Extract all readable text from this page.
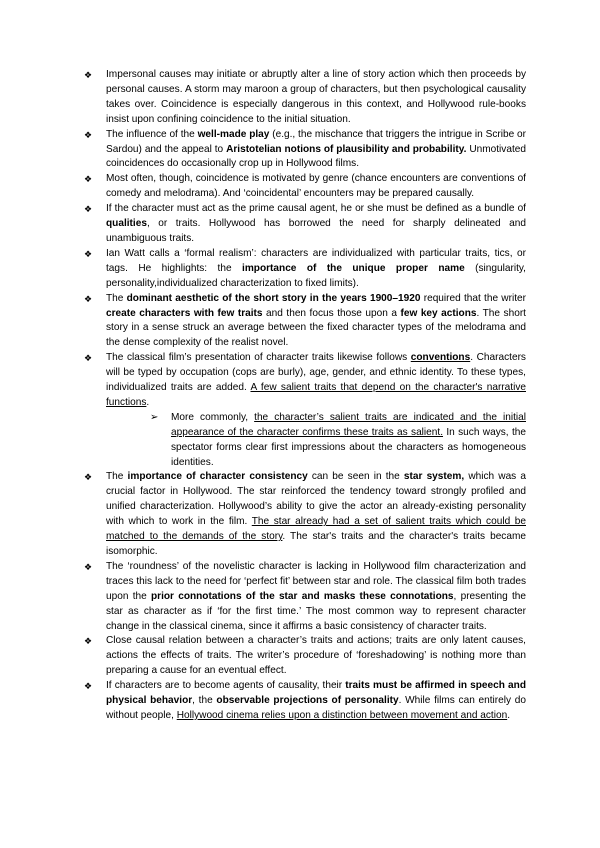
❖ Impersonal causes may initiate or abruptly alter a line of story action which then proceeds by personal causes. A storm may maroon a group of characters, but then psychological causality takes over. Coincidence is especially dangerous in this context, and Hollywood rule-books insist upon confining coincidence to the initial situation.
❖ The influence of the well-made play (e.g., the mischance that triggers the intrigue in Scribe or Sardou) and the appeal to Aristotelian notions of plausibility and probability. Unmotivated coincidences do occasionally crop up in Hollywood films.
❖ Most often, though, coincidence is motivated by genre (chance encounters are conventions of comedy and melodrama). And ‘coincidental’ encounters may be prepared causally.
❖ If the character must act as the prime causal agent, he or she must be defined as a bundle of qualities, or traits. Hollywood has borrowed the need for sharply delineated and unambiguous traits.
❖ Ian Watt calls a ‘formal realism’: characters are individualized with particular traits, tics, or tags. He highlights: the importance of the unique proper name (singularity, personality,individualized characterization to fixed limits).
❖ The dominant aesthetic of the short story in the years 1900–1920 required that the writer create characters with few traits and then focus those upon a few key actions. The short story in a sense struck an average between the fixed character types of the melodrama and the dense complexity of the realist novel.
❖ The classical film’s presentation of character traits likewise follows conventions. Characters will be typed by occupation (cops are burly), age, gender, and ethnic identity. To these types, individualized traits are added. A few salient traits that depend on the character's narrative functions.
➢ More commonly, the character’s salient traits are indicated and the initial appearance of the character confirms these traits as salient. In such ways, the spectator forms clear first impressions about the characters as homogeneous identities.
❖ The importance of character consistency can be seen in the star system, which was a crucial factor in Hollywood. The star reinforced the tendency toward strongly profiled and unified characterization. Hollywood’s ability to give the actor an already-existing personality with which to work in the film. The star already had a set of salient traits which could be matched to the demands of the story. The star's traits and the character's traits became isomorphic.
❖ The ‘roundness’ of the novelistic character is lacking in Hollywood film characterization and traces this lack to the need for ‘perfect fit’ between star and role. The classical film both trades upon the prior connotations of the star and masks these connotations, presenting the star as character as if ‘for the first time.’ The most common way to represent character change in the classical cinema, since it affirms a basic consistency of character traits.
❖ Close causal relation between a character’s traits and actions; traits are only latent causes, actions the effects of traits. The writer’s procedure of ‘foreshadowing’ is nothing more than preparing a cause for an eventual effect.
❖ If characters are to become agents of causality, their traits must be affirmed in speech and physical behavior, the observable projections of personality. While films can entirely do without people, Hollywood cinema relies upon a distinction between movement and action.
